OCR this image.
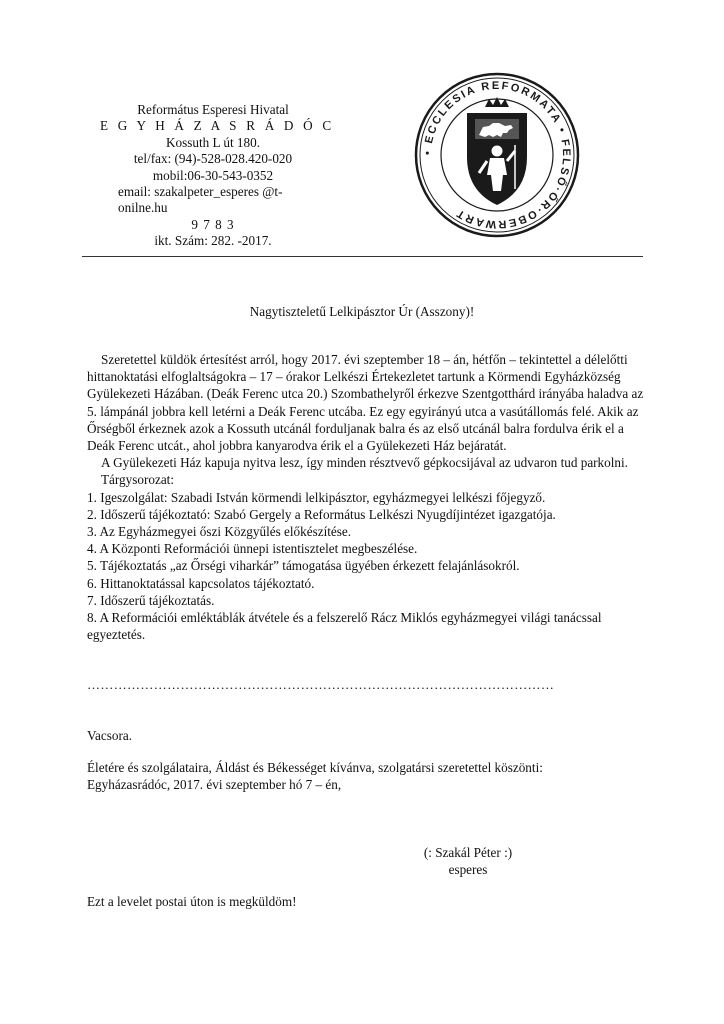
Református Esperesi Hivatal
E G Y H Á Z A S R Á D Ó C
Kossuth L út 180.
tel/fax: (94)-528-028.420-020
mobil:06-30-543-0352
email: szakalpeter_esperes @t-
onilne.hu
9 7 8 3
ikt. Szám: 282. -2017.
• ECCLESIA REFORMATA • FELSŐ·ŐR·OBERWART
Nagytiszteletű Lelkipásztor Úr (Asszony)!

Szeretettel küldök értesítést arról, hogy 2017. évi szeptember 18 – án, hétfőn – tekintettel a délelőtti hittanoktatási elfoglaltságokra – 17 – órakor Lelkészi Értekezletet tartunk a Körmendi Egyházközség Gyülekezeti Házában. (Deák Ferenc utca 20.) Szombathelyről érkezve Szentgotthárd irányába haladva az 5. lámpánál jobbra kell letérni a Deák Ferenc utcába. Ez egy egyirányú utca a vasútállomás felé. Akik az Őrségből érkeznek azok a Kossuth utcánál forduljanak balra és az első utcánál balra fordulva érik el a Deák Ferenc utcát., ahol jobbra kanyarodva érik el a Gyülekezeti Ház bejáratát.

A Gyülekezeti Ház kapuja nyitva lesz, így minden résztvevő gépkocsijával az udvaron tud parkolni.

Tárgysorozat:

1. Igeszolgálat: Szabadi István körmendi lelkipásztor, egyházmegyei lelkészi főjegyző.

2. Időszerű tájékoztató: Szabó Gergely a Református Lelkészi Nyugdíjintézet igazgatója.

3. Az Egyházmegyei őszi Közgyűlés előkészítése.

4. A Központi Reformációi ünnepi istentisztelet megbeszélése.

5. Tájékoztatás „az Őrségi viharkár” támogatása ügyében érkezett felajánlásokról.

6. Hittanoktatással kapcsolatos tájékoztató.

7. Időszerű tájékoztatás.

8. A Reformációi emléktáblák átvétele és a felszerelő Rácz Miklós egyházmegyei világi tanácssal egyeztetés.

……………………………………………………………………………………………
Vacsora.
Életére és szolgálataira, Áldást és Békességet kívánva, szolgatársi szeretettel köszönti:
Egyházasrádóc, 2017. évi szeptember hó 7 – én,
(: Szakál Péter :)
esperes
Ezt a levelet postai úton is megküldöm!
